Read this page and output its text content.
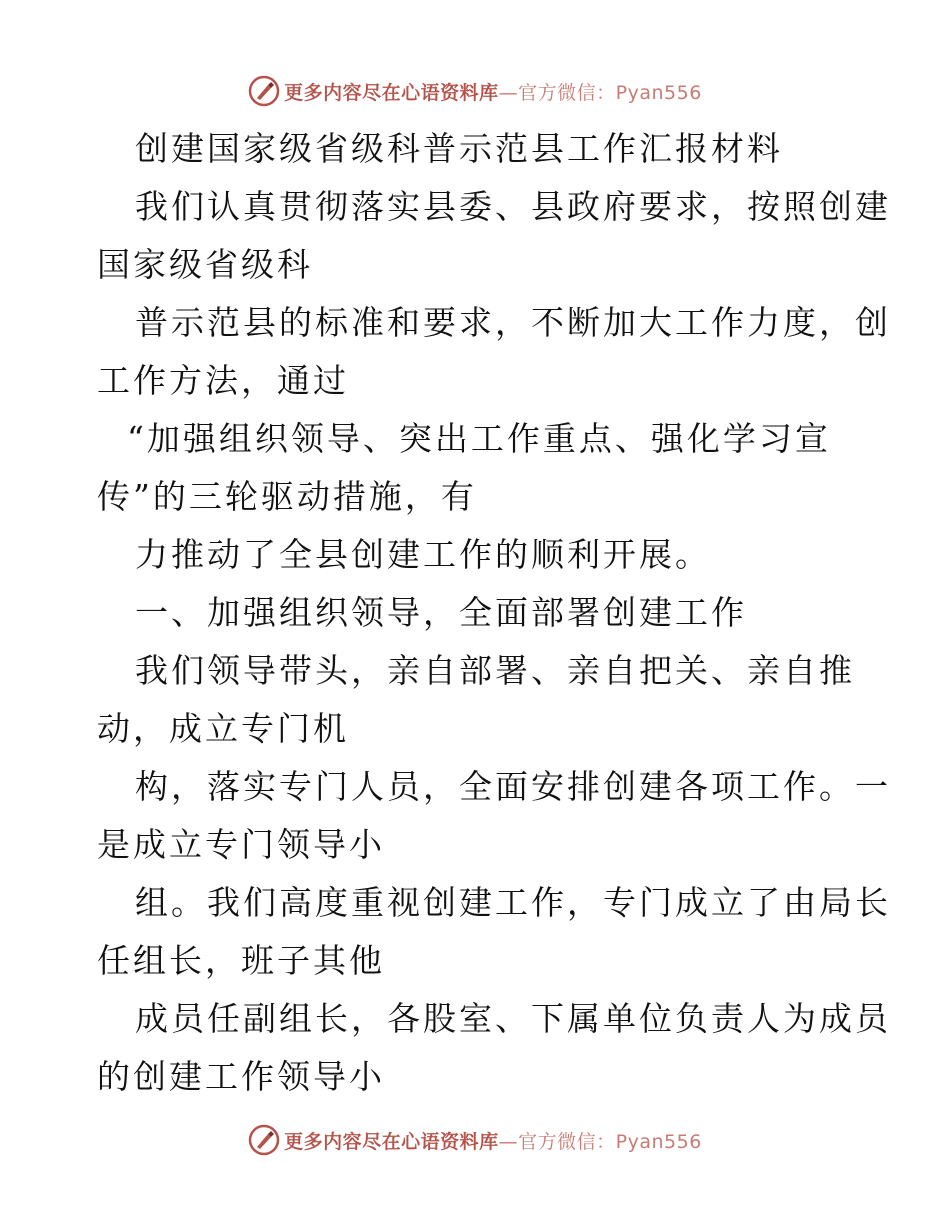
更多内容尽在心语资料库—官方微信：Pyan556
创建国家级省级科普示范县工作汇报材料
我们认真贯彻落实县委、县政府要求，按照创建
国家级省级科
普示范县的标准和要求，不断加大工作力度，创
工作方法，通过
“加强组织领导、突出工作重点、强化学习宣
传”的三轮驱动措施，有
力推动了全县创建工作的顺利开展。
一、加强组织领导，全面部署创建工作
我们领导带头，亲自部署、亲自把关、亲自推
动，成立专门机
构，落实专门人员，全面安排创建各项工作。一
是成立专门领导小
组。我们高度重视创建工作，专门成立了由局长
任组长，班子其他
成员任副组长，各股室、下属单位负责人为成员
的创建工作领导小
更多内容尽在心语资料库—官方微信：Pyan556
